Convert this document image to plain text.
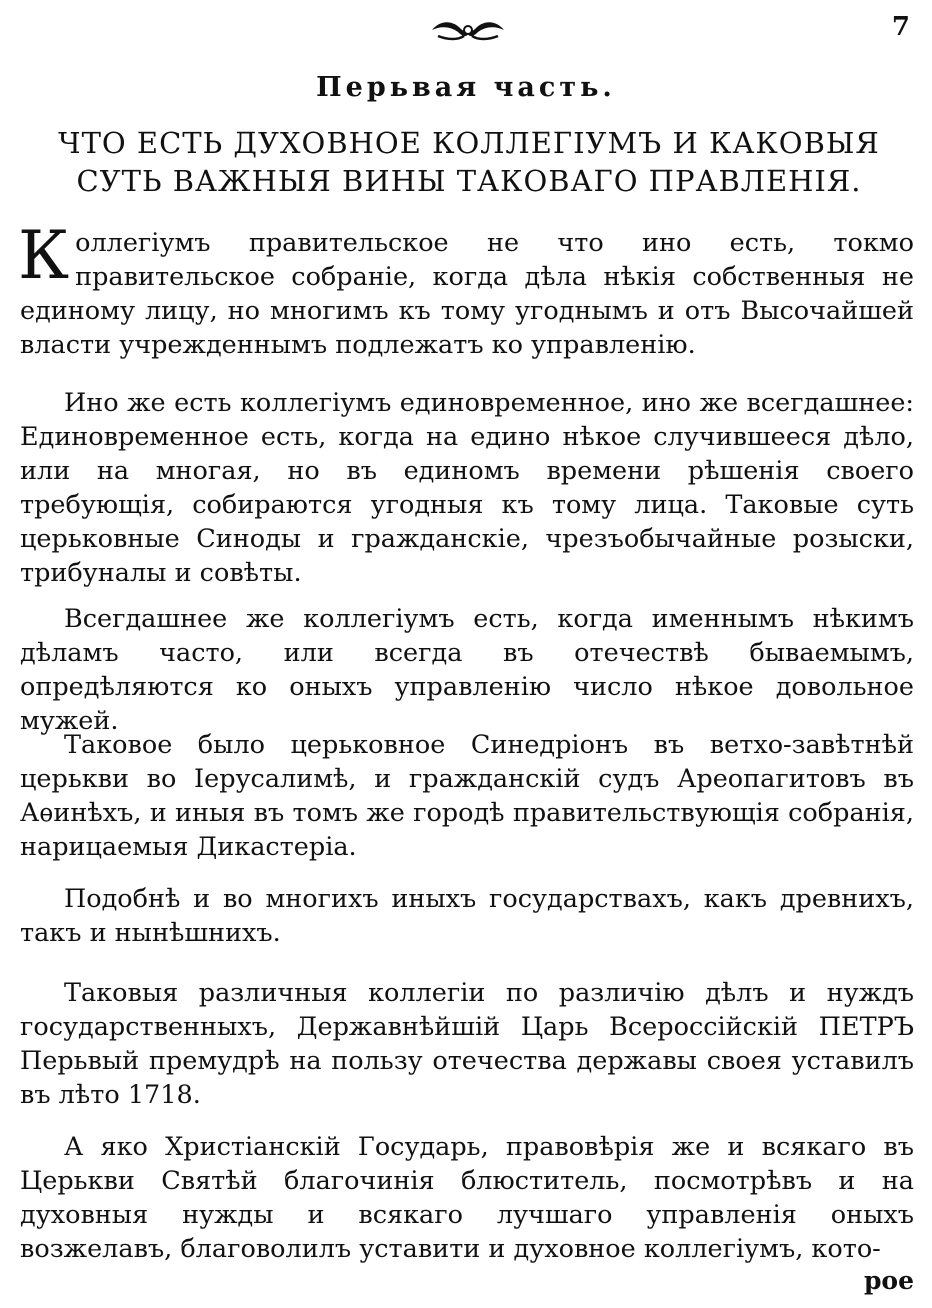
7
Перьвая часть.
ЧТО ЕСТЬ ДУХОВНОЕ КОЛЛЕГІУМЪ И КАКОВЫЯ СУТЬ ВАЖНЫЯ ВИНЫ ТАКОВАГО ПРАВЛЕНІЯ.

Коллегіумъ правительское не что ино есть, токмо правительское собраніе, когда дѣла нѣкія собственныя не единому лицу, но многимъ къ тому угоднымъ и отъ Высочайшей власти учрежденнымъ подлежатъ ко управленію.

Ино же есть коллегіумъ единовременное, ино же всегдашнее: Единовременное есть, когда на едино нѣкое случившееся дѣло, или на многая, но въ единомъ времени рѣшенія своего требующія, собираются угодныя къ тому лица. Таковые суть церьковные Синоды и гражданскіе, чрезъобычайные розыски, трибуналы и совѣты.

Всегдашнее же коллегіумъ есть, когда именнымъ нѣкимъ дѣламъ часто, или всегда въ отечествѣ бываемымъ, опредѣляются ко оныхъ управленію число нѣкое довольное мужей.

Таковое было церьковное Синедріонъ въ ветхо-завѣтнѣй церькви во Іерусалимѣ, и гражданскій судъ Ареопагитовъ въ Аѳинѣхъ, и иныя въ томъ же городѣ правительствующія собранія, нарицаемыя Дикастеріа.

Подобнѣ и во многихъ иныхъ государствахъ, какъ древнихъ, такъ и нынѣшнихъ.

Таковыя различныя коллегіи по различію дѣлъ и нуждъ государственныхъ, Державнѣйшій Царь Всероссійскій ПЕТРЪ Перьвый премудрѣ на пользу отечества державы своея уставилъ въ лѣто 1718.

А яко Христіанскій Государь, правовѣрія же и всякаго въ Церькви Святѣй благочинія блюститель, посмотрѣвъ и на духовныя нужды и всякаго лучшаго управленія оныхъ возжелавъ, благоволилъ уставити и духовное коллегіумъ, кото-

рое
